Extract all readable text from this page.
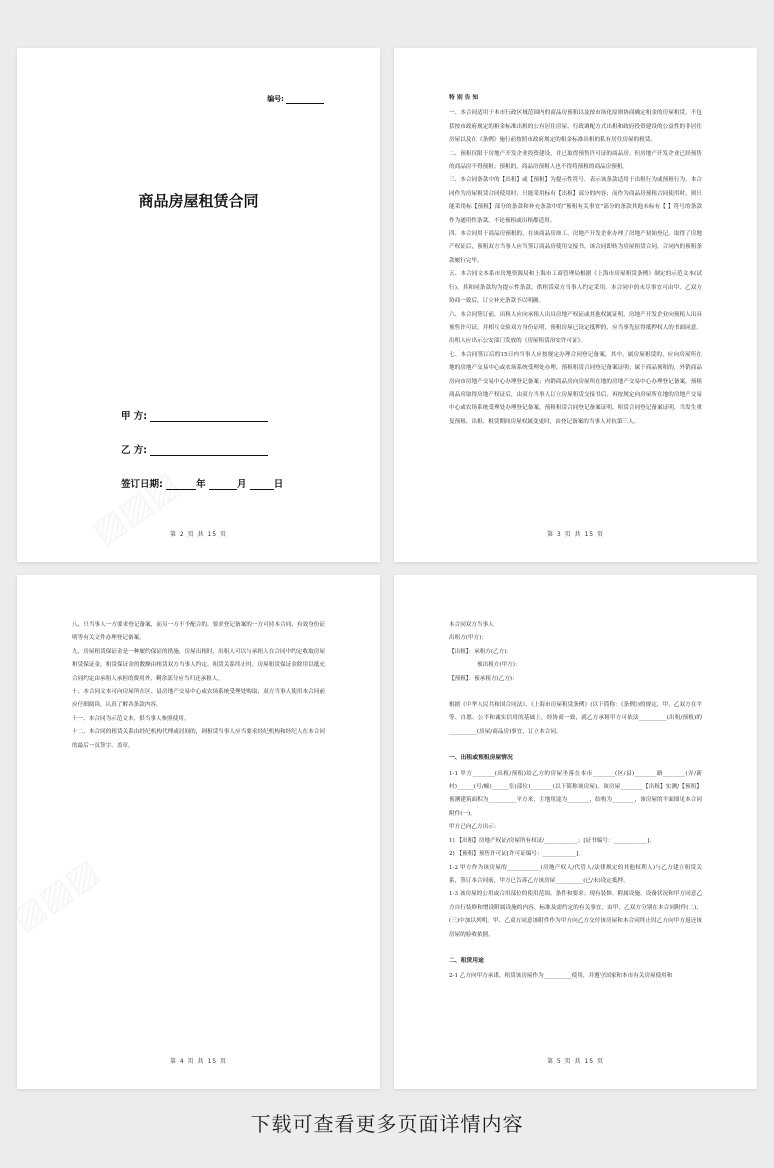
编号:
商品房屋租赁合同
甲 方:
乙 方:
签订日期:	年	月	日
第 2 页 共 15 页

特 别 告 知

一、本合同适用于本市行政区域范围内的商品房预租以及按市场化原则协商确定租金的房屋租赁。不包括按市政府规定的租金标准出租的公有居住房屋、行政调配方式出租和政府投资建设的公益性的非居住房屋以及在《条例》施行前按照市政府规定的租金标准出租的私有居住房屋的租赁。

二、预租仅限于房地产开发企业投资建设，并已取得预售许可证的商品房。但房地产开发企业已经预售的商品房不得预租；预租的，商品房预租人也不得将预租的商品房预租。

三、本合同条款中的【出租】或【预租】为提示性符号，表示该条款适用于出租行为或预租行为。本合同作为房屋租赁合同使用时，只能采用标有【出租】部分的内容；而作为商品房预租合同使用时，则只能采用标【预租】部分的条款和补充条款中的“预租有关事宜”部分的条款其他未标有【 】符号的条款作为通用性条款，不论预租或出租都适用。

四、本合同用于商品房预租的，在该商品房竣工，房地产开发企业办理了房地产初始登记，取得了房地产权证后，预租双方当事人应当签订商品房使用交接书，该合同即转为房屋租赁合同，合同内的预租条款履行完毕。

五、本合同文本系市房地资源局和上海市工商管理局根据《上海市房屋租赁条例》制定的示范文本(试行)，其和同条款均为提示性条款，供租赁双方当事人约定采用。本合同中的未尽事宜可由甲、乙双方协商一致后，订立补充条款予以明确。

六、本合同签订前，出租人应向承租人出具房地产权证或其他权属证明，房地产开发企业向预租人出具预售许可证，并相互交验双方身份证明，预租房屋已设定抵押的，应当事先征得抵押权人的书面同意。出租人应出示公安部门发放的《房屋租赁治安许可证》。

七、本合同签订后的15日内当事人应按规定办理合同登记备案，其中，属房屋租赁的，应向房屋所在地的房地产交易中心或农场系统受理处办理，预租租赁合同登记备案证明；属于商品预租的，外销商品房向市房地产交易中心办理登记备案；内销商品房向房屋所在地的房地产交易中心办理登记备案。预租商品房取得房地产权证后，由双方当事人订立房屋租赁交接书后，再按规定向房屋所在地的房地产交易中心或农场系统受理处办理登记备案，预租租赁合同登记备案证明、租赁合同登记备案证明，当发生重复预租、出租、租赁期间房屋权属变更时，由登记备案的当事人对抗第三人。

第 3 页 共 15 页

八、只当事人一方要求登记备案，而另一方不予配合的，要求登记备案的一方可持本合同、有效身份证明等有关文件办理登记备案。

九、房屋租赁保证金是一种履约保证的措施，房屋出租时，出租人可以与承租人在合同中约定收取房屋租赁保证金。租赁保证金的数额由租赁双方当事人约定，租赁关系终止时，房屋租赁保证金除用以抵充合同约定由承租人承担的费用外，剩余部分应当归还承租人。

十、本合同文本可向房屋所在区、县房地产交易中心或农场系统受理处购取，双方当事人使用本合同前应仔细阅读，认真了解各条款内容。

十一、本合同为示范文本，供当事人参照使用。

十二、本合同的租赁关系由经纪机构代理或居间的，则租赁当事人应当要求经纪机构和经纪人在本合同的最后一页签字、盖章。

第 4 页 共 15 页

本合同双方当事人

出租方(甲方)：

【出租】：承租方(乙方)：

预出租方(甲方)：

【预租】：预承租方(乙方)：

根据《中华人民共和国合同法》、《上海市房屋租赁条例》(以下简称：《条例》)的规定，甲、乙双方在平等、自愿、公平和诚实信用的基础上，经协商一致，就乙方承租甲方可依法__________(出租/预租)的__________(房屋/商品房)事宜，订立本合同。

一、出租或预租房屋情况

1-1 甲方________(出租/预租)给乙方的房屋坐落在本市________(区/县)________路________(弄/新村)______(号/幢)______室(部位)________(以下简称该房屋)。该房屋________【出租】实测/【预租】预测建筑面积为__________平方米，主地用途为________，结构为________，该房屋的平面图见本合同附件(一)。

甲方已向乙方出示：

1) 【出租】房地产权证/房屋所有权证/____________；[证书编号：____________]。

2) 【预租】预售许可证[许可证编号：____________]。

1-2 甲方作为该房屋的____________(房地产权人/代管人/法律规定的其他权利人)与乙方建立租赁关系，签订本合同前，甲方已告诉乙方该房屋__________(已/未)设定抵押。

1-3 该房屋的公用或合用部位的使用范围、条件和要求；现有装修、附属设施、设备状况和甲方同意乙方自行装修和增设附属设施的内容、标准及需约定的有关事宜，由甲、乙双方分别在本合同附件(二)、(三)中加以列明。甲、乙双方同意该附件作为甲方向乙方交付该房屋和本合同终止时乙方向甲方返还该房屋的验收依据。

二、租赁用途

2-1 乙方向甲方承诺，租赁该房屋作为__________使用，并遵守国家和本市有关房屋使用和

第 5 页 共 15 页
下载可查看更多页面详情内容
